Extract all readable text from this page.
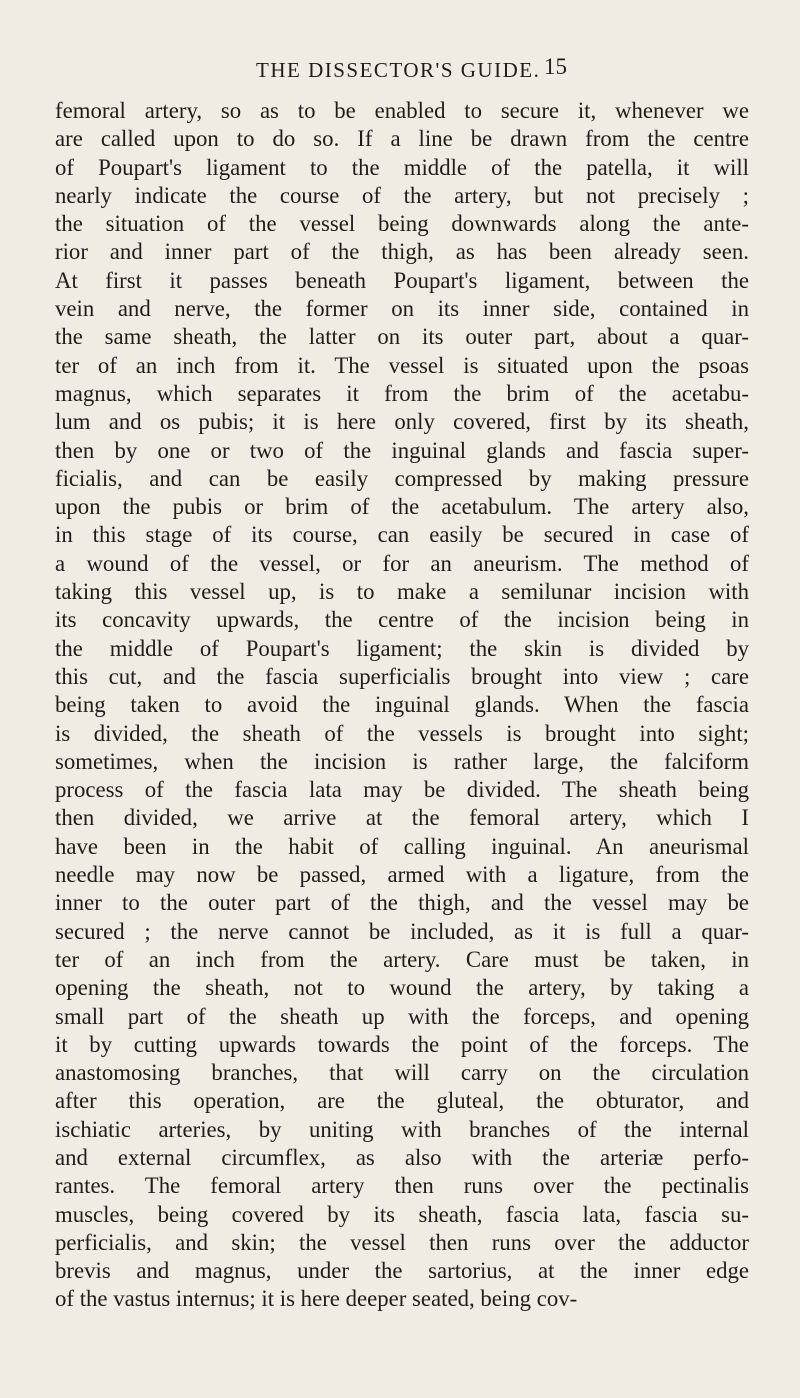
THE DISSECTOR'S GUIDE. 15
femoral artery, so as to be enabled to secure it, whenever we
are called upon to do so. If a line be drawn from the centre
of Poupart's ligament to the middle of the patella, it will
nearly indicate the course of the artery, but not precisely ;
the situation of the vessel being downwards along the ante-
rior and inner part of the thigh, as has been already seen.
At first it passes beneath Poupart's ligament, between the
vein and nerve, the former on its inner side, contained in
the same sheath, the latter on its outer part, about a quar-
ter of an inch from it. The vessel is situated upon the psoas
magnus, which separates it from the brim of the acetabu-
lum and os pubis; it is here only covered, first by its sheath,
then by one or two of the inguinal glands and fascia super-
ficialis, and can be easily compressed by making pressure
upon the pubis or brim of the acetabulum. The artery also,
in this stage of its course, can easily be secured in case of
a wound of the vessel, or for an aneurism. The method of
taking this vessel up, is to make a semilunar incision with
its concavity upwards, the centre of the incision being in
the middle of Poupart's ligament; the skin is divided by
this cut, and the fascia superficialis brought into view ; care
being taken to avoid the inguinal glands. When the fascia
is divided, the sheath of the vessels is brought into sight;
sometimes, when the incision is rather large, the falciform
process of the fascia lata may be divided. The sheath being
then divided, we arrive at the femoral artery, which I
have been in the habit of calling inguinal. An aneurismal
needle may now be passed, armed with a ligature, from the
inner to the outer part of the thigh, and the vessel may be
secured ; the nerve cannot be included, as it is full a quar-
ter of an inch from the artery. Care must be taken, in
opening the sheath, not to wound the artery, by taking a
small part of the sheath up with the forceps, and opening
it by cutting upwards towards the point of the forceps. The
anastomosing branches, that will carry on the circulation
after this operation, are the gluteal, the obturator, and
ischiatic arteries, by uniting with branches of the internal
and external circumflex, as also with the arteriæ perfo-
rantes. The femoral artery then runs over the pectinalis
muscles, being covered by its sheath, fascia lata, fascia su-
perficialis, and skin; the vessel then runs over the adductor
brevis and magnus, under the sartorius, at the inner edge
of the vastus internus; it is here deeper seated, being cov-
